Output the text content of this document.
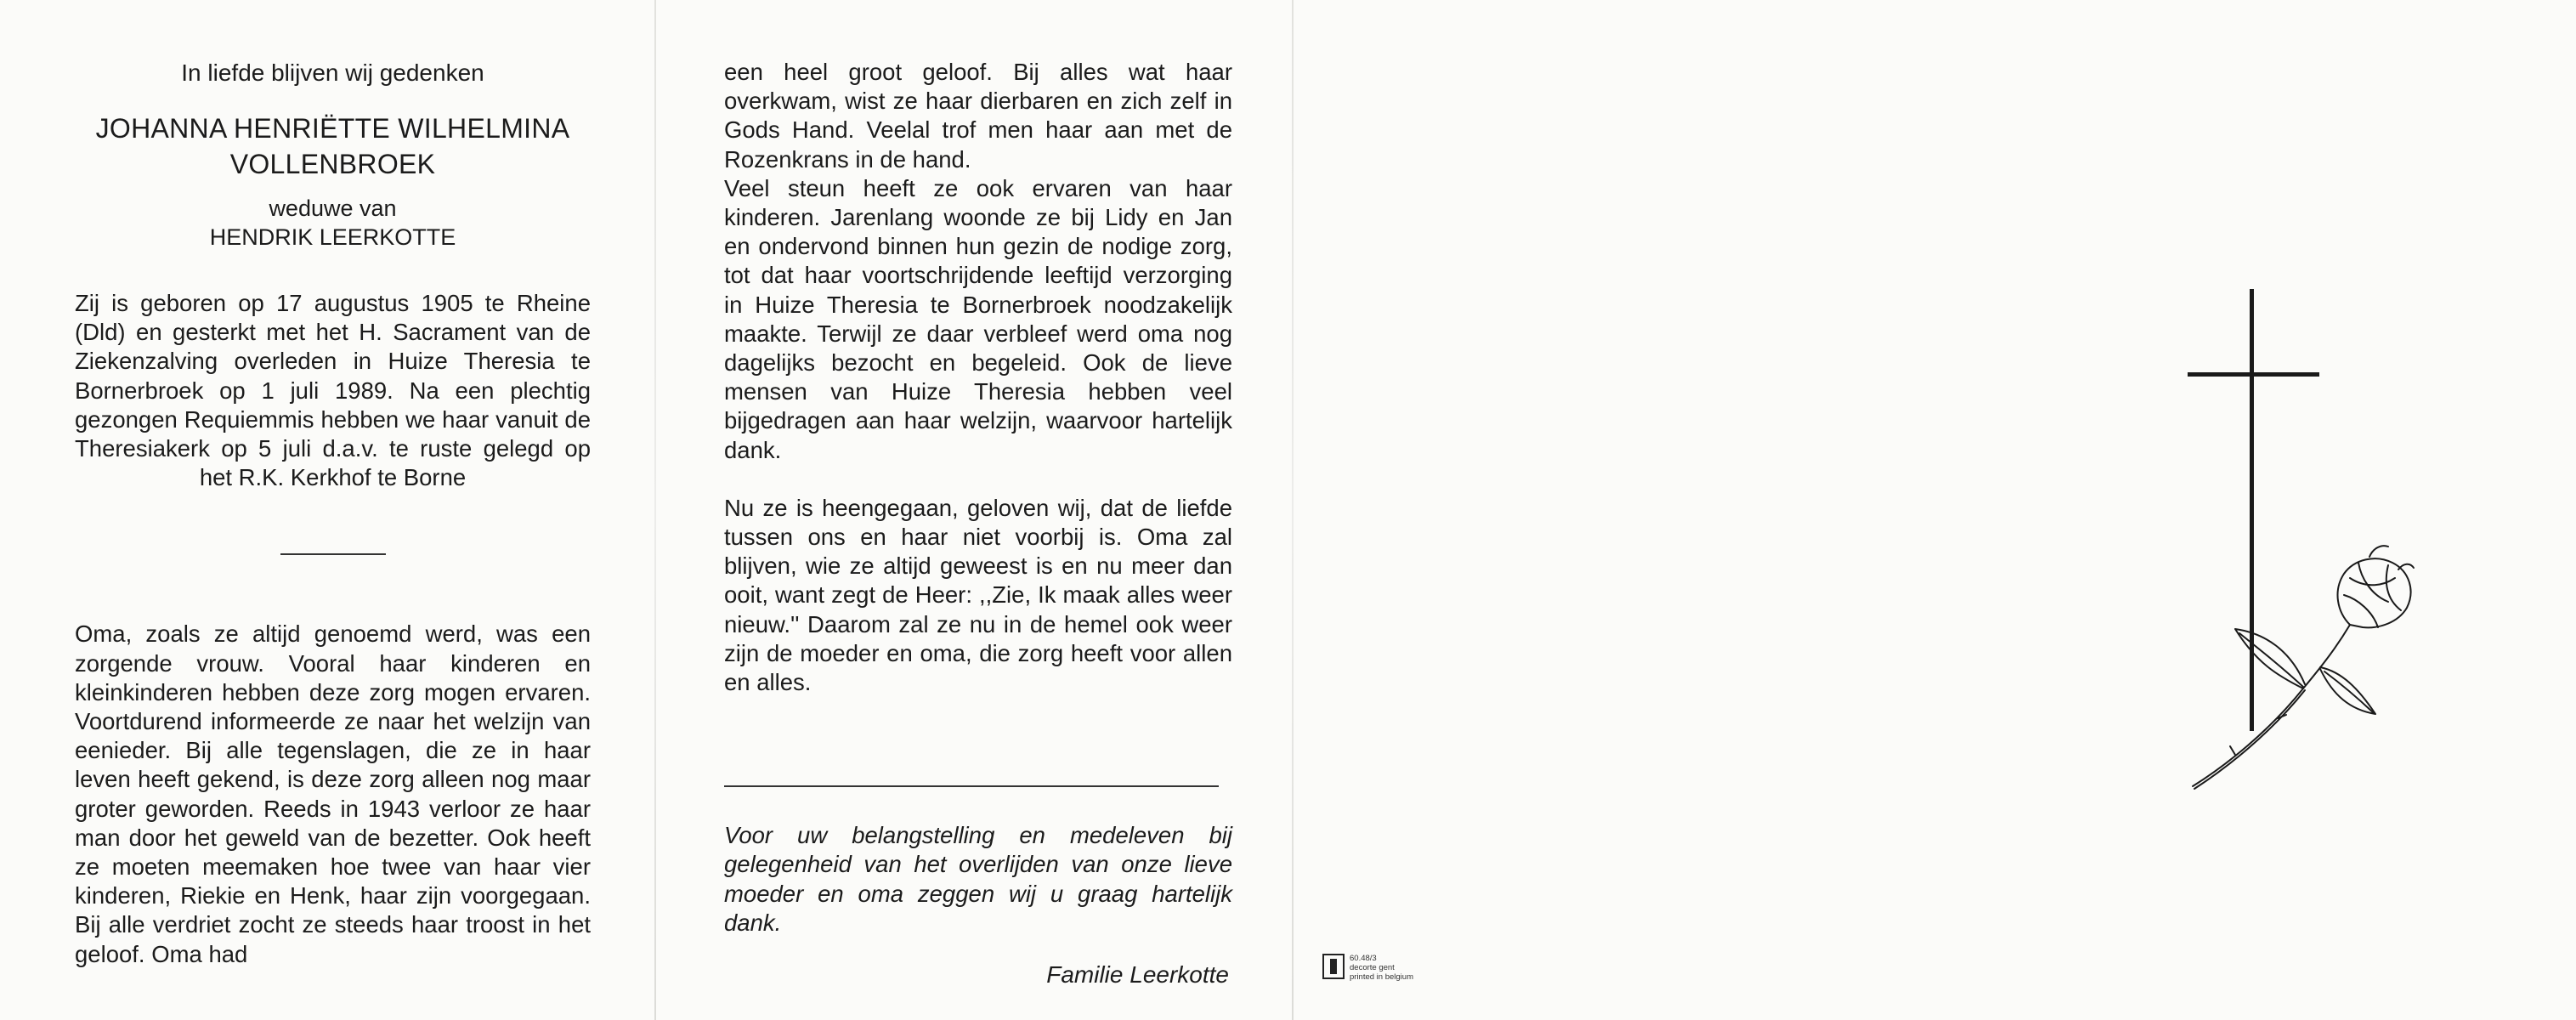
In liefde blijven wij gedenken
JOHANNA HENRIËTTE WILHELMINA
VOLLENBROEK
weduwe van
HENDRIK LEERKOTTE

Zij is geboren op 17 augustus 1905 te Rheine (Dld) en gesterkt met het H. Sacrament van de Ziekenzalving overleden in Huize Theresia te Bornerbroek op 1 juli 1989. Na een plechtig gezongen Requiemmis hebben we haar vanuit de Theresiakerk op 5 juli d.a.v. te ruste gelegd op het R.K. Kerkhof te Borne

Oma, zoals ze altijd genoemd werd, was een zorgende vrouw. Vooral haar kinderen en kleinkinderen hebben deze zorg mogen ervaren. Voortdurend informeerde ze naar het welzijn van eenieder. Bij alle tegenslagen, die ze in haar leven heeft gekend, is deze zorg alleen nog maar groter geworden. Reeds in 1943 verloor ze haar man door het geweld van de bezetter. Ook heeft ze moeten meemaken hoe twee van haar vier kinderen, Riekie en Henk, haar zijn voorgegaan. Bij alle verdriet zocht ze steeds haar troost in het geloof. Oma had

een heel groot geloof. Bij alles wat haar overkwam, wist ze haar dierbaren en zich zelf in Gods Hand. Veelal trof men haar aan met de Rozenkrans in de hand.

Veel steun heeft ze ook ervaren van haar kinderen. Jarenlang woonde ze bij Lidy en Jan en ondervond binnen hun gezin de nodige zorg, tot dat haar voortschrijdende leeftijd verzorging in Huize Theresia te Bornerbroek noodzakelijk maakte. Terwijl ze daar verbleef werd oma nog dagelijks bezocht en begeleid. Ook de lieve mensen van Huize Theresia hebben veel bijgedragen aan haar welzijn, waarvoor hartelijk dank.

Nu ze is heengegaan, geloven wij, dat de liefde tussen ons en haar niet voorbij is. Oma zal blijven, wie ze altijd geweest is en nu meer dan ooit, want zegt de Heer: ,,Zie, Ik maak alles weer nieuw.'' Daarom zal ze nu in de hemel ook weer zijn de moeder en oma, die zorg heeft voor allen en alles.

Voor uw belangstelling en medeleven bij gelegenheid van het overlijden van onze lieve moeder en oma zeggen wij u graag hartelijk dank.

Familie Leerkotte
60.48/3
decorte gent
printed in belgium
